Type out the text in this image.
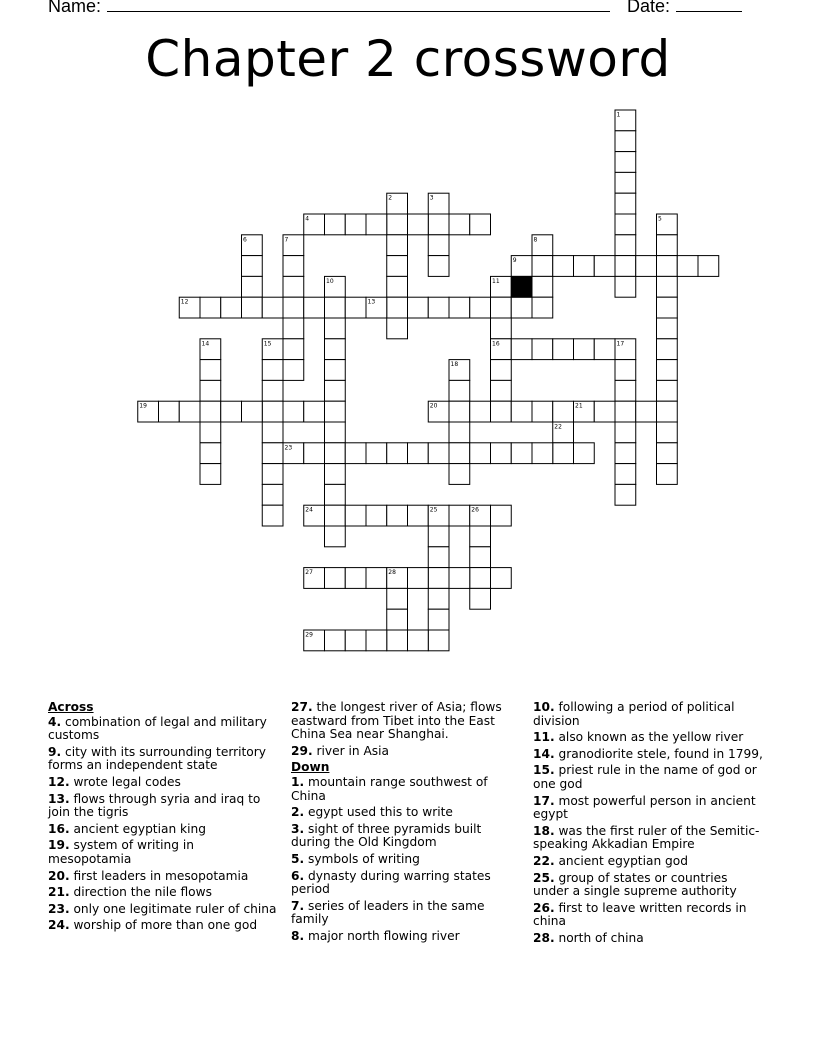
Name:	Date:
Chapter 2 crossword
1
2	3
4	5
6	7	8
9
10	11
12	13
14	15	16	17
18
19	20	21
22
23
24	25	26
27	28
29
Across
4. combination of legal and military customs
9. city with its surrounding territory forms an independent state
12. wrote legal codes
13. flows through syria and iraq to join the tigris
16. ancient egyptian king
19. system of writing in mesopotamia
20. first leaders in mesopotamia
21. direction the nile flows
23. only one legitimate ruler of china
24. worship of more than one god
27. the longest river of Asia; flows eastward from Tibet into the East China Sea near Shanghai.
29. river in Asia
Down
1. mountain range southwest of China
2. egypt used this to write
3. sight of three pyramids built during the Old Kingdom
5. symbols of writing
6. dynasty during warring states period
7. series of leaders in the same family
8. major north flowing river
10. following a period of political division
11. also known as the yellow river
14. granodiorite stele, found in 1799,
15. priest rule in the name of god or one god
17. most powerful person in ancient egypt
18. was the first ruler of the Semitic-speaking Akkadian Empire
22. ancient egyptian god
25. group of states or countries under a single supreme authority
26. first to leave written records in china
28. north of china
